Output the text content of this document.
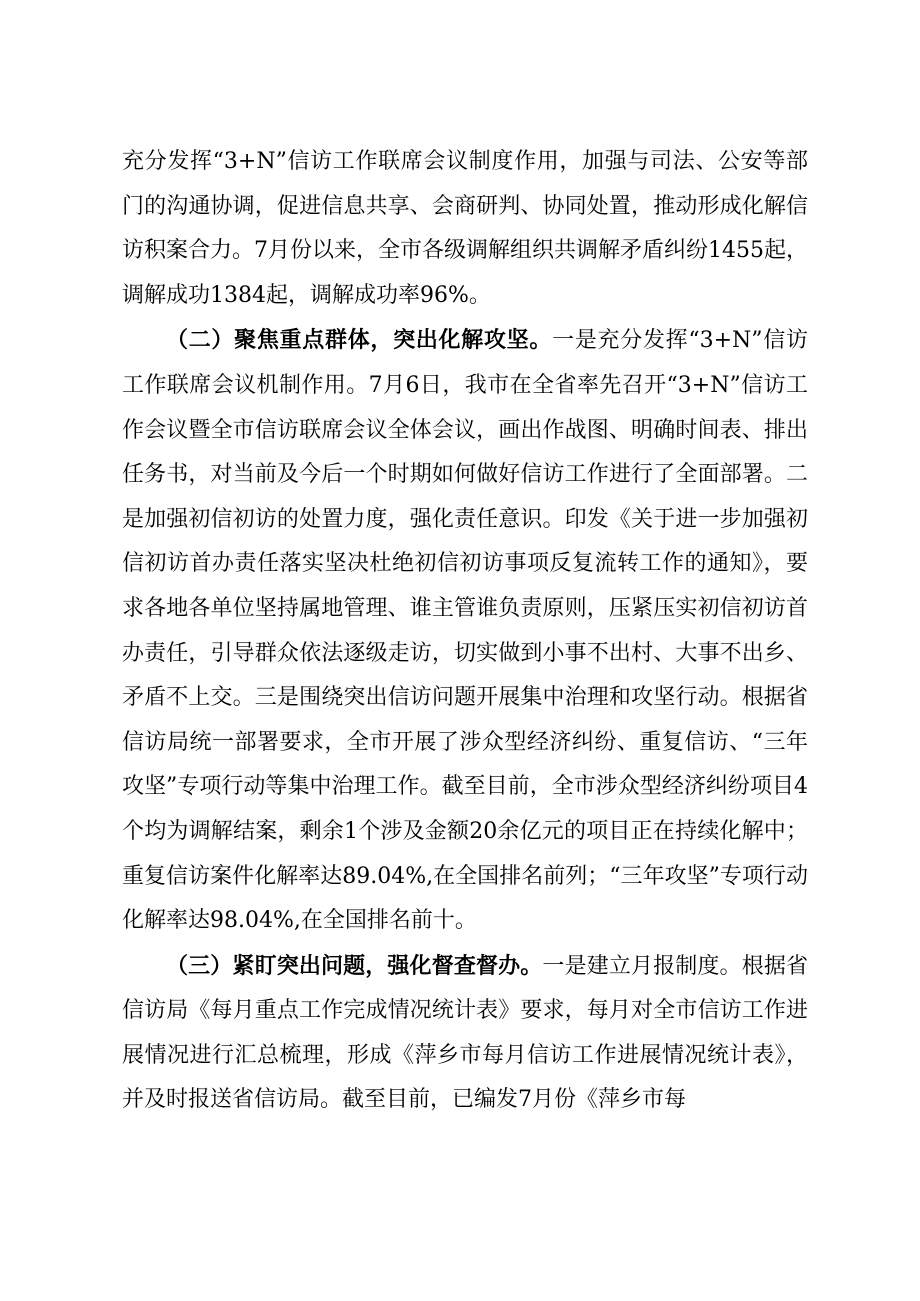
充分发挥“3+N”信访工作联席会议制度作用，加强与司法、公安等部门的沟通协调，促进信息共享、会商研判、协同处置，推动形成化解信访积案合力。7月份以来，全市各级调解组织共调解矛盾纠纷1455起，调解成功1384起，调解成功率96%。

（二）聚焦重点群体，突出化解攻坚。一是充分发挥“3+N”信访工作联席会议机制作用。7月6日，我市在全省率先召开“3+N”信访工作会议暨全市信访联席会议全体会议，画出作战图、明确时间表、排出任务书，对当前及今后一个时期如何做好信访工作进行了全面部署。二是加强初信初访的处置力度，强化责任意识。印发《关于进一步加强初信初访首办责任落实坚决杜绝初信初访事项反复流转工作的通知》，要求各地各单位坚持属地管理、谁主管谁负责原则，压紧压实初信初访首办责任，引导群众依法逐级走访，切实做到小事不出村、大事不出乡、矛盾不上交。三是围绕突出信访问题开展集中治理和攻坚行动。根据省信访局统一部署要求，全市开展了涉众型经济纠纷、重复信访、“三年攻坚”专项行动等集中治理工作。截至目前，全市涉众型经济纠纷项目4个均为调解结案，剩余1个涉及金额20余亿元的项目正在持续化解中；重复信访案件化解率达89.04%,在全国排名前列；“三年攻坚”专项行动化解率达98.04%,在全国排名前十。

（三）紧盯突出问题，强化督查督办。一是建立月报制度。根据省信访局《每月重点工作完成情况统计表》要求，每月对全市信访工作进展情况进行汇总梳理，形成《萍乡市每月信访工作进展情况统计表》，并及时报送省信访局。截至目前，已编发7月份《萍乡市每
